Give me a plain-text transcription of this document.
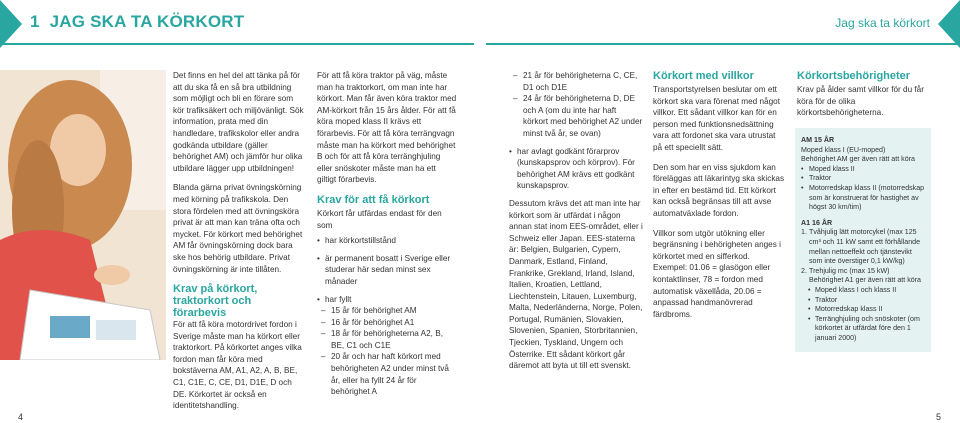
1 JAG SKA TA KÖRKORT	Jag ska ta körkort

Det finns en hel del att tänka på för att du ska få en så bra utbildning som möjligt och bli en förare som kör trafiksäkert och miljövänligt. Sök information, prata med din handledare, trafikskolor eller andra godkända utbildare (gäller behörighet AM) och jämför hur olika utbildare lägger upp utbildningen!

Blanda gärna privat övningskörning med körning på trafikskola. Den stora fördelen med att övningsköra privat är att man kan träna ofta och mycket. För körkort med behörighet AM får övningskörning dock bara ske hos behörig utbildare. Privat övningskörning är inte tillåten.

Krav på körkort, traktorkort och förarbevis

För att få köra motordrivet fordon i Sverige måste man ha körkort eller traktorkort. På körkortet anges vilka fordon man får köra med bokstäverna AM, A1, A2, A, B, BE, C1, C1E, C, CE, D1, D1E, D och DE. Körkortet är också en identitetshandling.

För att få köra traktor på väg, måste man ha traktorkort, om man inte har körkort. Man får även köra traktor med AM-körkort från 15 års ålder. För att få köra moped klass II krävs ett förarbevis. För att få köra terrängvagn måste man ha körkort med behörighet B och för att få köra terränghjuling eller snöskoter måste man ha ett giltigt förarbevis.

Krav för att få körkort

Körkort får utfärdas endast för den som

• har körkortstillstånd
• är permanent bosatt i Sverige eller studerar här sedan minst sex månader
• har fyllt
– 15 år för behörighet AM
– 16 år för behörighet A1
– 18 år för behörigheterna A2, B, BE, C1 och C1E
– 20 år och har haft körkort med behörigheten A2 under minst två år, eller ha fyllt 24 år för behörighet A
– 21 år för behörigheterna C, CE, D1 och D1E
– 24 år för behörigheterna D, DE och A (om du inte har haft körkort med behörighet A2 under minst två år, se ovan)
• har avlagt godkänt förarprov (kunskapsprov och körprov). För behörighet AM krävs ett godkänt kunskapsprov.

Dessutom krävs det att man inte har körkort som är utfärdat i någon annan stat inom EES-området, eller i Schweiz eller Japan. EES-staterna är: Belgien, Bulgarien, Cypern, Danmark, Estland, Finland, Frankrike, Grekland, Irland, Island, Italien, Kroatien, Lettland, Liechtenstein, Litauen, Luxemburg, Malta, Nederländerna, Norge, Polen, Portugal, Rumänien, Slovakien, Slovenien, Spanien, Storbritannien, Tjeckien, Tyskland, Ungern och Österrike. Ett sådant körkort går däremot att byta ut till ett svenskt.

Körkort med villkor

Transportstyrelsen beslutar om ett körkort ska vara förenat med något villkor. Ett sådant villkor kan för en person med funktionsnedsättning vara att fordonet ska vara utrustat på ett speciellt sätt.

Den som har en viss sjukdom kan föreläggas att läkarintyg ska skickas in efter en bestämd tid. Ett körkort kan också begränsas till att avse automatväxlade fordon.

Villkor som utgör utökning eller begränsning i behörigheten anges i körkortet med en sifferkod. Exempel: 01.06 = glasögon eller kontaktlinser, 78 = fordon med automatisk växellåda, 20.06 = anpassad handmanövrerad färdbroms.

Körkortsbehörigheter

Krav på ålder samt villkor för du får köra för de olika körkortsbehörigheterna.

AM 15 ÅR

Moped klass I (EU-moped)

Behörighet AM ger även rätt att köra

• Moped klass II
• Traktor
• Motorredskap klass II (motorredskap som är konstruerat för hastighet av högst 30 km/tim)

A1 16 ÅR

1. Tvåhjulig lätt motorcykel (max 125 cm³ och 11 kW samt ett förhållande mellan nettoeffekt och tjänstevikt som inte överstiger 0,1 kW/kg)
2. Trehjulig mc (max 15 kW) Behörighet A1 ger även rätt att köra
• Moped klass I och klass II
• Traktor
• Motorredskap klass II
• Terränghjuling och snöskoter (om körkortet är utfärdat före den 1 januari 2000)
4	5
